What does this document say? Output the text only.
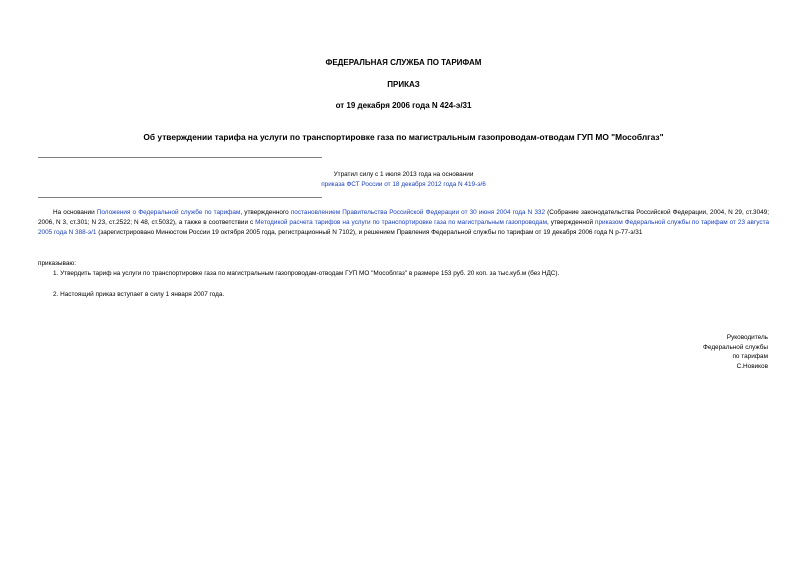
ФЕДЕРАЛЬНАЯ СЛУЖБА ПО ТАРИФАМ
ПРИКАЗ
от 19 декабря 2006 года N 424-э/31
Об утверждении тарифа на услуги по транспортировке газа по магистральным газопроводам-отводам ГУП МО "Мособлгаз"
Утратил силу с 1 июля 2013 года на основании
приказа ФСТ России от 18 декабря 2012 года N 419-э/6
На основании Положения о Федеральной службе по тарифам, утвержденного постановлением Правительства Российской Федерации от 30 июня 2004 года N 332 (Собрание законодательства Российской Федерации, 2004, N 29, ст.3049; 2006, N 3, ст.301; N 23, ст.2522; N 48, ст.5032), а также в соответствии с Методикой расчета тарифов на услуги по транспортировке газа по магистральным газопроводам, утвержденной приказом Федеральной службы по тарифам от 23 августа 2005 года N 388-э/1 (зарегистрировано Минюстом России 19 октября 2005 года, регистрационный N 7102), и решением Правления Федеральной службы по тарифам от 19 декабря 2006 года N р-77-э/31
приказываю:
1. Утвердить тариф на услуги по транспортировке газа по магистральным газопроводам-отводам ГУП МО "Мособлгаз" в размере 153 руб. 20 коп. за тыс.куб.м (без НДС).
2. Настоящий приказ вступает в силу 1 января 2007 года.
Руководитель
Федеральной службы
по тарифам
С.Новиков
